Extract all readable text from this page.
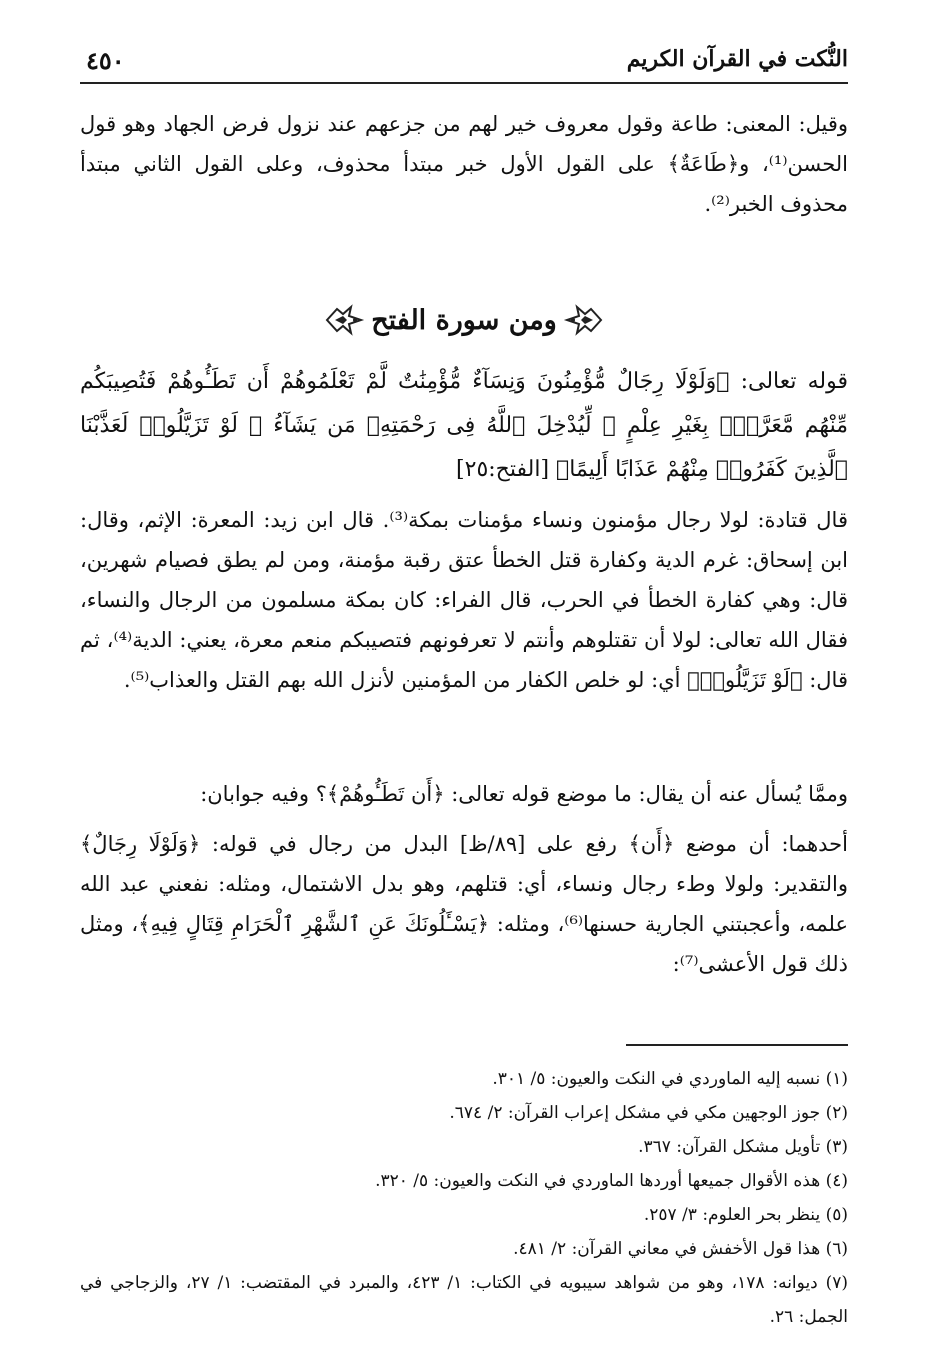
النُّكت في القرآن الكريم
٤٥٠

وقيل: المعنى: طاعة وقول معروف خير لهم من جزعهم عند نزول فرض الجهاد وهو قول الحسن⁽¹⁾، و﴿طَاعَةٌ﴾ على القول الأول خبر مبتدأ محذوف، وعلى القول الثاني مبتدأ محذوف الخبر⁽²⁾.

ومن سورة الفتح

قوله تعالى: ﴿وَلَوْلَا رِجَالٌ مُّؤْمِنُونَ وَنِسَآءٌ مُّؤْمِنَٰتٌ لَّمْ تَعْلَمُوهُمْ أَن تَطَـُٔوهُمْ فَتُصِيبَكُم مِّنْهُم مَّعَرَّةٌۢ بِغَيْرِ عِلْمٍ ۖ لِّيُدْخِلَ ٱللَّهُ فِى رَحْمَتِهِۦ مَن يَشَآءُ ۚ لَوْ تَزَيَّلُوا۟ لَعَذَّبْنَا ٱلَّذِينَ كَفَرُوا۟ مِنْهُمْ عَذَابًا أَلِيمًا﴾ [الفتح:٢٥]

قال قتادة: لولا رجال مؤمنون ونساء مؤمنات بمكة⁽³⁾. قال ابن زيد: المعرة: الإثم، وقال: ابن إسحاق: غرم الدية وكفارة قتل الخطأ عتق رقبة مؤمنة، ومن لم يطق فصيام شهرين، قال: وهي كفارة الخطأ في الحرب، قال الفراء: كان بمكة مسلمون من الرجال والنساء، فقال الله تعالى: لولا أن تقتلوهم وأنتم لا تعرفونهم فتصيبكم منعم معرة، يعني: الدية⁽⁴⁾، ثم قال: ﴿لَوْ تَزَيَّلُوا۟﴾ أي: لو خلص الكفار من المؤمنين لأنزل الله بهم القتل والعذاب⁽⁵⁾.

وممَّا يُسأل عنه أن يقال: ما موضع قوله تعالى: ﴿أَن تَطَـُٔوهُمْ﴾؟ وفيه جوابان:

أحدهما: أن موضع ﴿أَن﴾ رفع على [٨٩/ظ] البدل من رجال في قوله: ﴿وَلَوْلَا رِجَالٌ﴾ والتقدير: ولولا وطء رجال ونساء، أي: قتلهم، وهو بدل الاشتمال، ومثله: نفعني عبد الله علمه، وأعجبتني الجارية حسنها⁽⁶⁾، ومثله: ﴿يَسْـَٔلُونَكَ عَنِ ٱلشَّهْرِ ٱلْحَرَامِ قِتَالٍ فِيهِ﴾، ومثل ذلك قول الأعشى⁽⁷⁾:

(١) نسبه إليه الماوردي في النكت والعيون: ٥/ ٣٠١.

(٢) جوز الوجهين مكي في مشكل إعراب القرآن: ٢/ ٦٧٤.

(٣) تأويل مشكل القرآن: ٣٦٧.

(٤) هذه الأقوال جميعها أوردها الماوردي في النكت والعيون: ٥/ ٣٢٠.

(٥) ينظر بحر العلوم: ٣/ ٢٥٧.

(٦) هذا قول الأخفش في معاني القرآن: ٢/ ٤٨١.

(٧) ديوانه: ١٧٨، وهو من شواهد سيبويه في الكتاب: ١/ ٤٢٣، والمبرد في المقتضب: ١/ ٢٧، والزجاجي في الجمل: ٢٦.
